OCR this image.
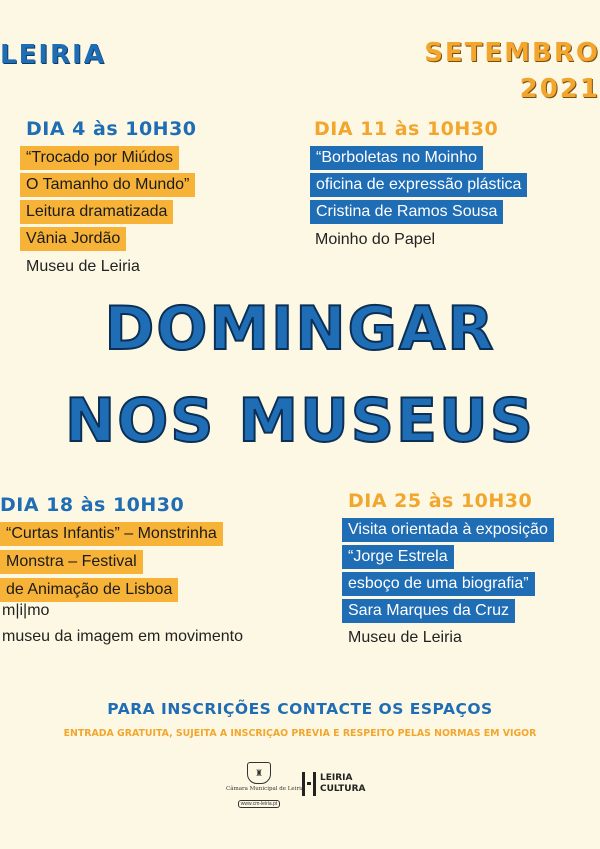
LEIRIA	SETEMBRO
2021
DIA 4 às 10H30
“Trocado por Miúdos
O Tamanho do Mundo”
Leitura dramatizada
Vânia Jordão
Museu de Leiria
DIA 11 às 10H30
“Borboletas no Moinho
oficina de expressão plástica
Cristina de Ramos Sousa
Moinho do Papel
DOMINGAR
NOS MUSEUS
DIA 18 às 10H30
“Curtas Infantis” – Monstrinha
Monstra – Festival
de Animação de Lisboa
m|i|mo
museu da imagem em movimento
DIA 25 às 10H30
Visita orientada à exposição
“Jorge Estrela
esboço de uma biografia”
Sara Marques da Cruz
Museu de Leiria
PARA INSCRIÇÕES CONTACTE OS ESPAÇOS
ENTRADA GRATUITA, SUJEITA A INSCRIÇÃO PRÉVIA E RESPEITO PELAS NORMAS EM VIGOR
♜
Câmara Municipal de Leiria
www.cm-leiria.pt
LEIRIA
CULTURA
